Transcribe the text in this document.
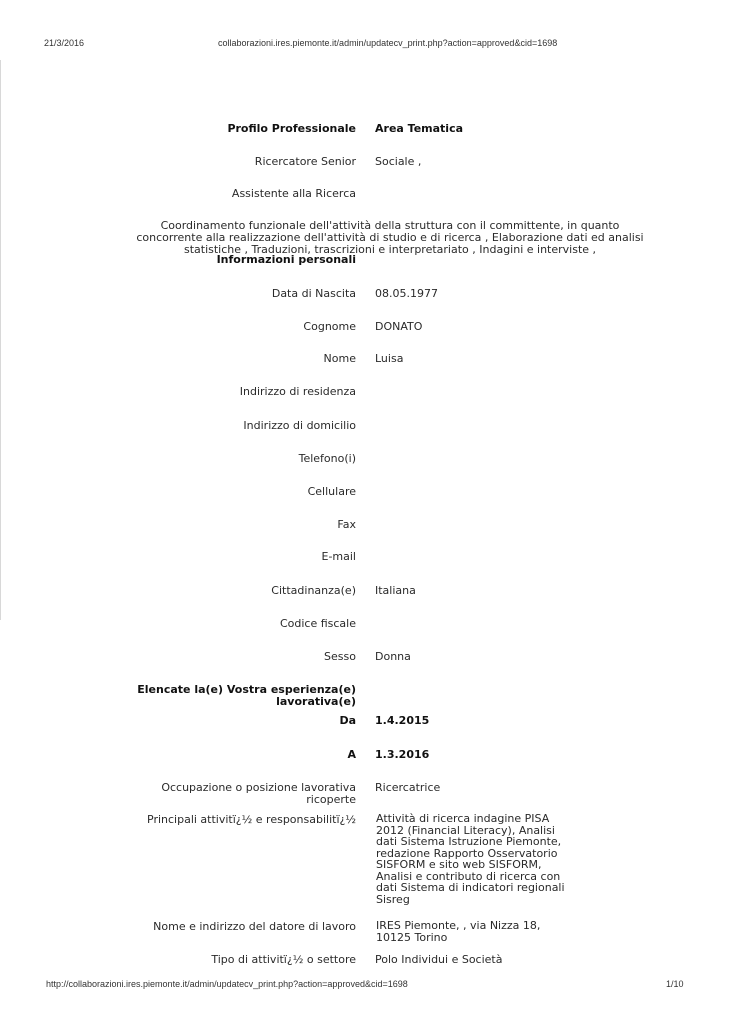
21/3/2016	collaborazioni.ires.piemonte.it/admin/updatecv_print.php?action=approved&cid=1698
Profilo Professionale Area Tematica
Ricercatore Senior Sociale ,
Assistente alla Ricerca
Coordinamento funzionale dell'attività della struttura con il committente, in quanto
concorrente alla realizzazione dell'attività di studio e di ricerca , Elaborazione dati ed analisi
statistiche , Traduzioni, trascrizioni e interpretariato , Indagini e interviste ,
Informazioni personali
Data di Nascita 08.05.1977
Cognome DONATO
Nome Luisa
Indirizzo di residenza
Indirizzo di domicilio
Telefono(i)
Cellulare
Fax
E-mail
Cittadinanza(e) Italiana
Codice fiscale
Sesso Donna
Elencate la(e) Vostra esperienza(e)
lavorativa(e)
Da 1.4.2015
A 1.3.2016
Occupazione o posizione lavorativa
ricoperte
Ricercatrice
Principali attivitï¿½ e responsabilitï¿½ Attività di ricerca indagine PISA 2012 (Financial Literacy), Analisi dati Sistema Istruzione Piemonte, redazione Rapporto Osservatorio SISFORM e sito web SISFORM, Analisi e contributo di ricerca con dati Sistema di indicatori regionali Sisreg
Nome e indirizzo del datore di lavoro IRES Piemonte, , via Nizza 18, 10125 Torino
Tipo di attivitï¿½ o settore Polo Individui e Società
http://collaborazioni.ires.piemonte.it/admin/updatecv_print.php?action=approved&cid=1698	1/10
